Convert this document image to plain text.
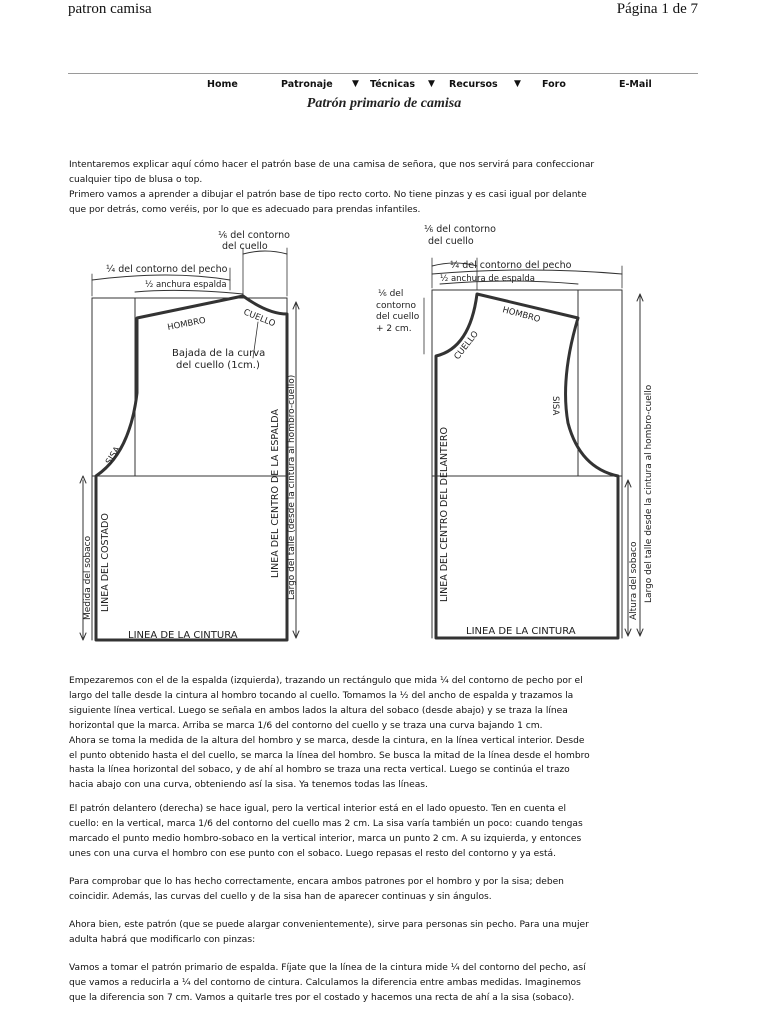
patron camisa	Página 1 de 7
Home	Patronaje ▼ Técnicas ▼ Recursos ▼ Foro	E-Mail
Patrón primario de camisa

Intentaremos explicar aquí cómo hacer el patrón base de una camisa de señora, que nos servirá para confeccionar

cualquier tipo de blusa o top.

Primero vamos a aprender a dibujar el patrón base de tipo recto corto. No tiene pinzas y es casi igual por delante

que por detrás, como veréis, por lo que es adecuado para prendas infantiles.

⅙ del contorno
del cuello
¼ del contorno del pecho
½ anchura espalda
HOMBRO	CUELLO
Bajada de la curva
del cuello (1cm.)
SISA	LINEA DEL CENTRO DE LA ESPALDA Largo del talle (desde la cintura al hombro-cuello)
LINEA DEL COSTADO
Medida del sobaco
LINEA DE LA CINTURA
⅙ del contorno
del cuello
¼ del contorno del pecho
½ anchura de espalda
⅙ del
contorno
del cuello
+ 2 cm.
CUELLO
HOMBRO
SISA
LINEA DEL CENTRO DEL DELANTERO	Largo del talle desde la cintura al hombro-cuello
Altura del sobaco
LINEA DE LA CINTURA

Empezaremos con el de la espalda (izquierda), trazando un rectángulo que mida ¼ del contorno de pecho por el

largo del talle desde la cintura al hombro tocando al cuello. Tomamos la ½ del ancho de espalda y trazamos la

siguiente línea vertical. Luego se señala en ambos lados la altura del sobaco (desde abajo) y se traza la línea

horizontal que la marca. Arriba se marca 1/6 del contorno del cuello y se traza una curva bajando 1 cm.

Ahora se toma la medida de la altura del hombro y se marca, desde la cintura, en la línea vertical interior. Desde

el punto obtenido hasta el del cuello, se marca la línea del hombro. Se busca la mitad de la línea desde el hombro

hasta la línea horizontal del sobaco, y de ahí al hombro se traza una recta vertical. Luego se continúa el trazo

hacia abajo con una curva, obteniendo así la sisa. Ya tenemos todas las líneas.

El patrón delantero (derecha) se hace igual, pero la vertical interior está en el lado opuesto. Ten en cuenta el

cuello: en la vertical, marca 1/6 del contorno del cuello mas 2 cm. La sisa varía también un poco: cuando tengas

marcado el punto medio hombro-sobaco en la vertical interior, marca un punto 2 cm. A su izquierda, y entonces

unes con una curva el hombro con ese punto con el sobaco. Luego repasas el resto del contorno y ya está.

Para comprobar que lo has hecho correctamente, encara ambos patrones por el hombro y por la sisa; deben

coincidir. Además, las curvas del cuello y de la sisa han de aparecer continuas y sin ángulos.

Ahora bien, este patrón (que se puede alargar convenientemente), sirve para personas sin pecho. Para una mujer

adulta habrá que modificarlo con pinzas:

Vamos a tomar el patrón primario de espalda. Fíjate que la línea de la cintura mide ¼ del contorno del pecho, así

que vamos a reducirla a ¼ del contorno de cintura. Calculamos la diferencia entre ambas medidas. Imaginemos

que la diferencia son 7 cm. Vamos a quitarle tres por el costado y hacemos una recta de ahí a la sisa (sobaco).
